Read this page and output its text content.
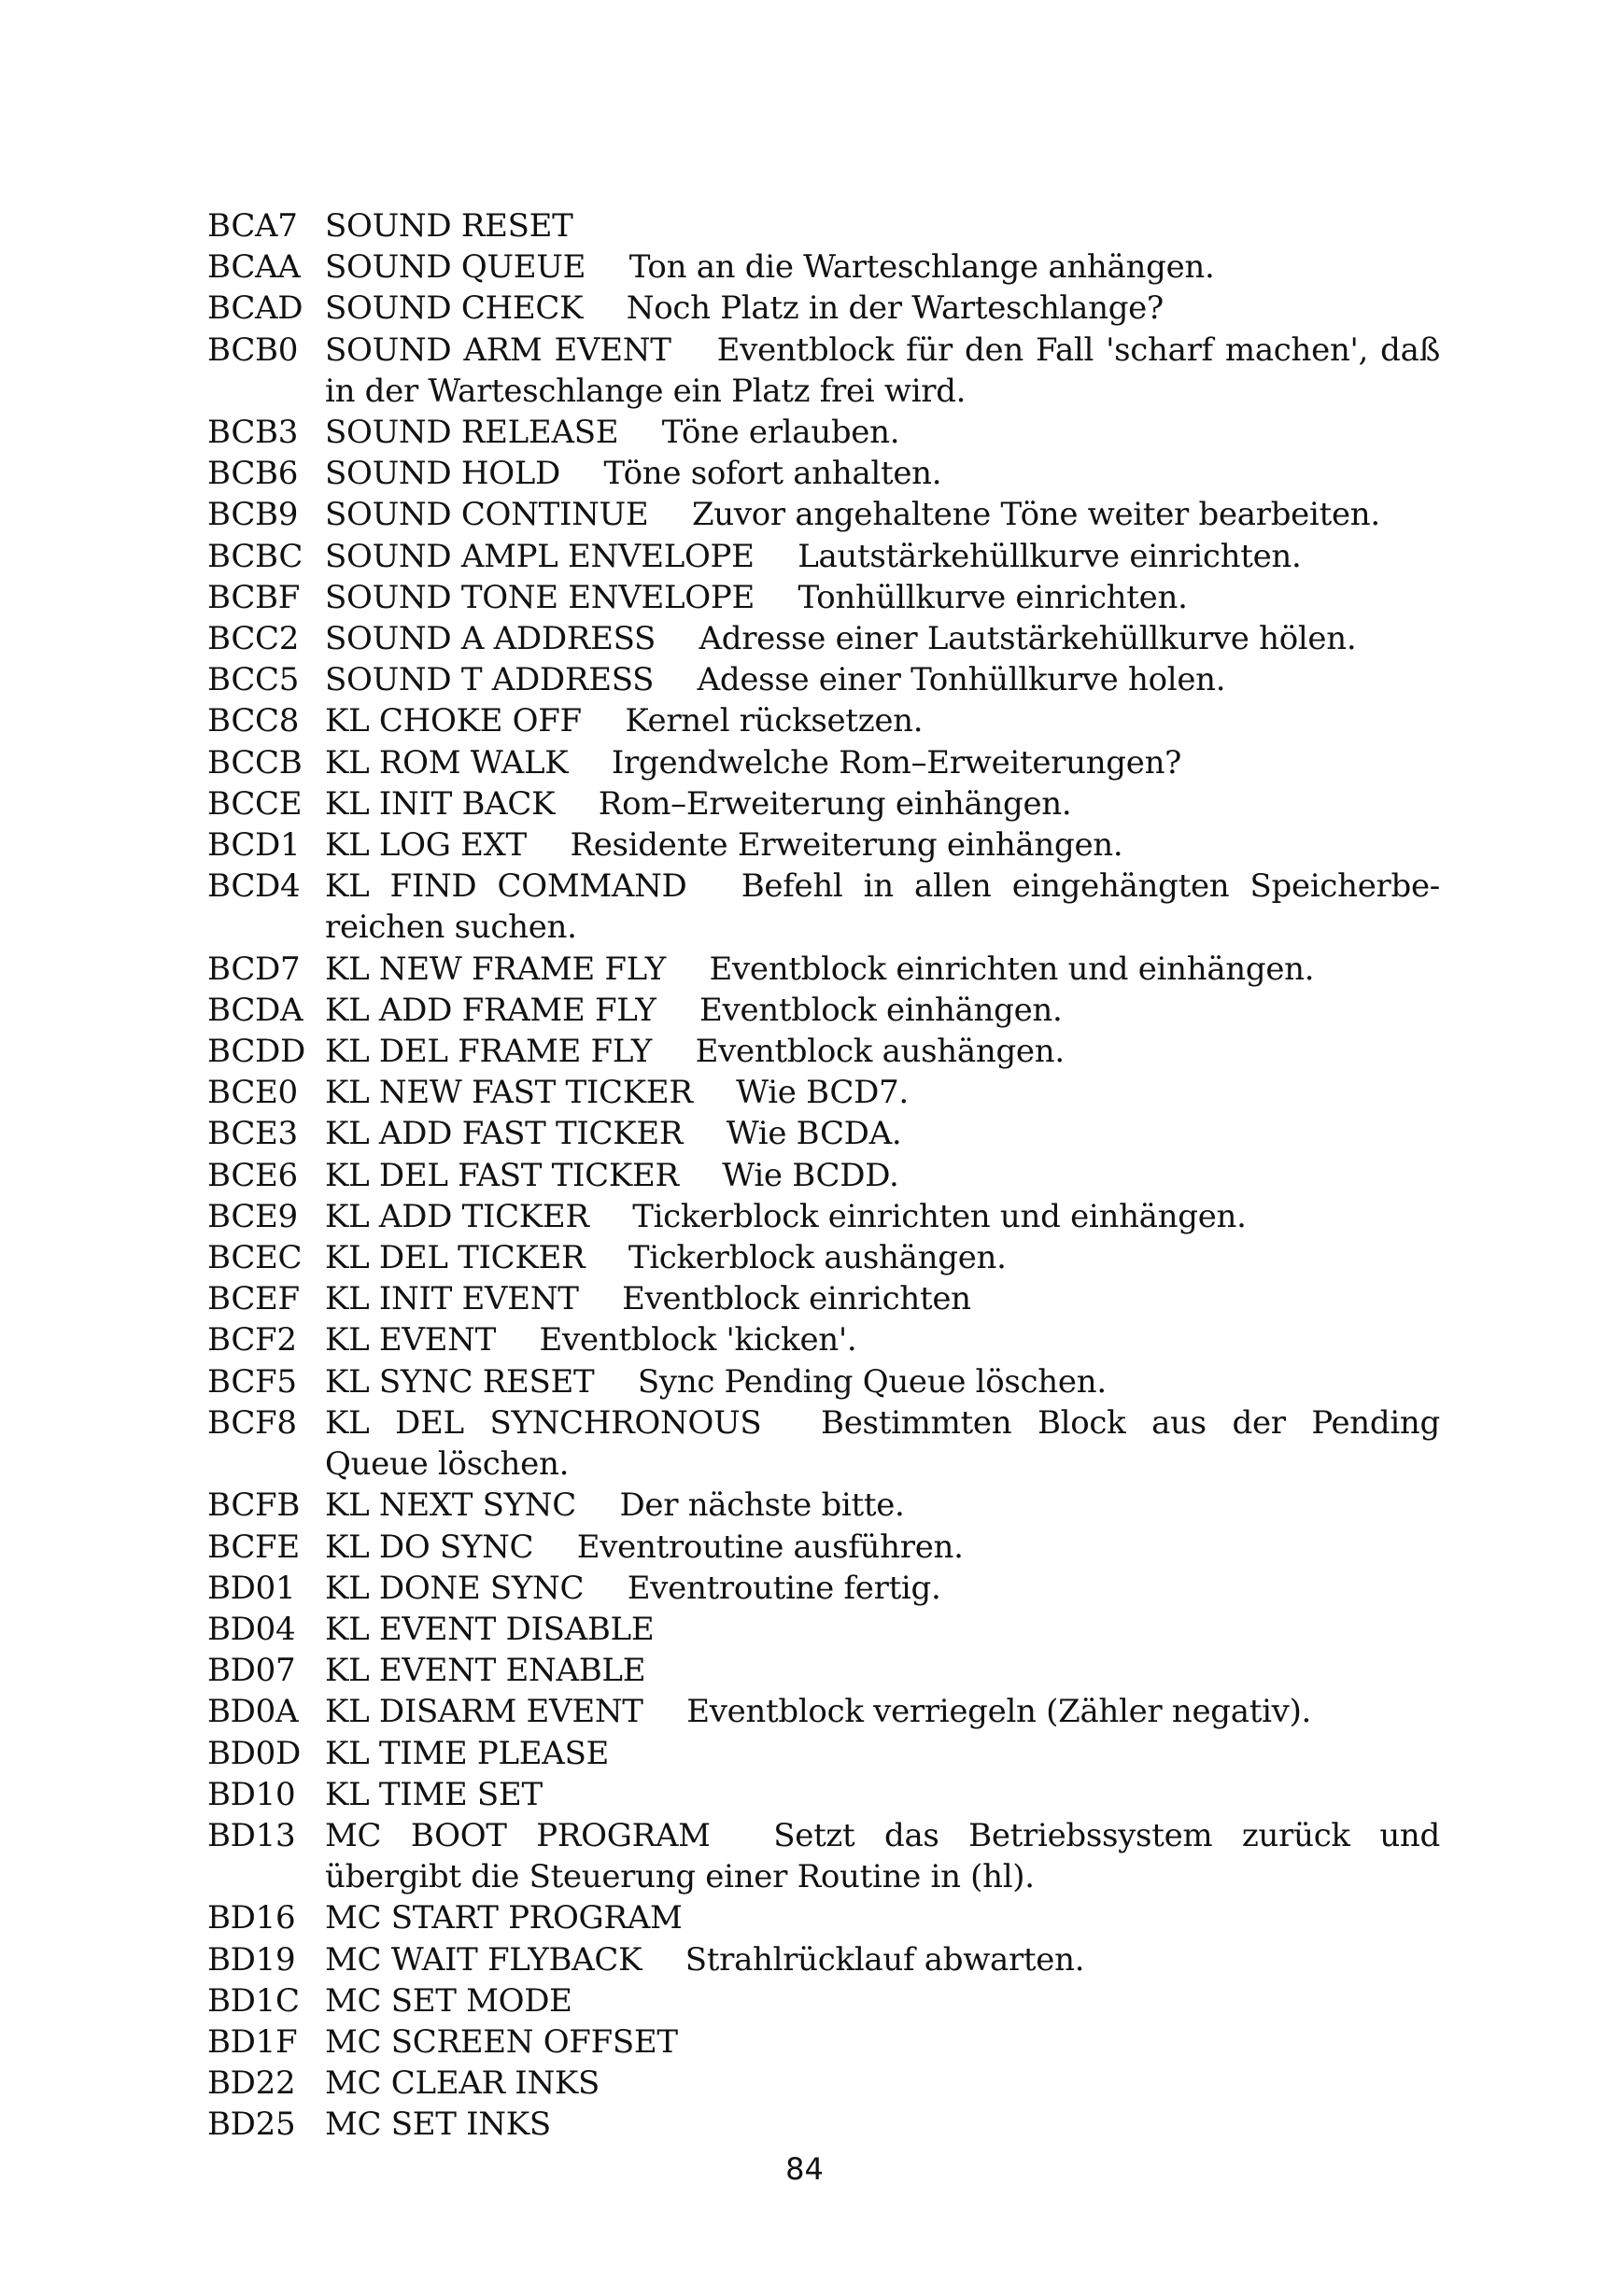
BCA7 SOUND RESET
BCAA SOUND QUEUE Ton an die Warteschlange anhängen.
BCAD SOUND CHECK Noch Platz in der Warteschlange?
BCB0 SOUND ARM EVENT Eventblock für den Fall 'scharf machen', daß in der Warteschlange ein Platz frei wird.
BCB3 SOUND RELEASE Töne erlauben.
BCB6 SOUND HOLD Töne sofort anhalten.
BCB9 SOUND CONTINUE Zuvor angehaltene Töne weiter bearbeiten.
BCBC SOUND AMPL ENVELOPE Lautstärkehüllkurve einrichten.
BCBF SOUND TONE ENVELOPE Tonhüllkurve einrichten.
BCC2 SOUND A ADDRESS Adresse einer Lautstärkehüllkurve hölen.
BCC5 SOUND T ADDRESS Adesse einer Tonhüllkurve holen.
BCC8 KL CHOKE OFF Kernel rücksetzen.
BCCB KL ROM WALK Irgendwelche Rom–Erweiterungen?
BCCE KL INIT BACK Rom–Erweiterung einhängen.
BCD1 KL LOG EXT Residente Erweiterung einhängen.
BCD4 KL FIND COMMAND Befehl in allen eingehängten Speicherbe- reichen suchen.
BCD7 KL NEW FRAME FLY Eventblock einrichten und einhängen.
BCDA KL ADD FRAME FLY Eventblock einhängen.
BCDD KL DEL FRAME FLY Eventblock aushängen.
BCE0 KL NEW FAST TICKER Wie BCD7.
BCE3 KL ADD FAST TICKER Wie BCDA.
BCE6 KL DEL FAST TICKER Wie BCDD.
BCE9 KL ADD TICKER Tickerblock einrichten und einhängen.
BCEC KL DEL TICKER Tickerblock aushängen.
BCEF KL INIT EVENT Eventblock einrichten
BCF2 KL EVENT Eventblock 'kicken'.
BCF5 KL SYNC RESET Sync Pending Queue löschen.
BCF8 KL DEL SYNCHRONOUS Bestimmten Block aus der Pending Queue löschen.
BCFB KL NEXT SYNC Der nächste bitte.
BCFE KL DO SYNC Eventroutine ausführen.
BD01 KL DONE SYNC Eventroutine fertig.
BD04 KL EVENT DISABLE
BD07 KL EVENT ENABLE
BD0A KL DISARM EVENT Eventblock verriegeln (Zähler negativ).
BD0D KL TIME PLEASE
BD10 KL TIME SET
BD13 MC BOOT PROGRAM Setzt das Betriebssystem zurück und übergibt die Steuerung einer Routine in (hl).
BD16 MC START PROGRAM
BD19 MC WAIT FLYBACK Strahlrücklauf abwarten.
BD1C MC SET MODE
BD1F MC SCREEN OFFSET
BD22 MC CLEAR INKS
BD25 MC SET INKS
84
